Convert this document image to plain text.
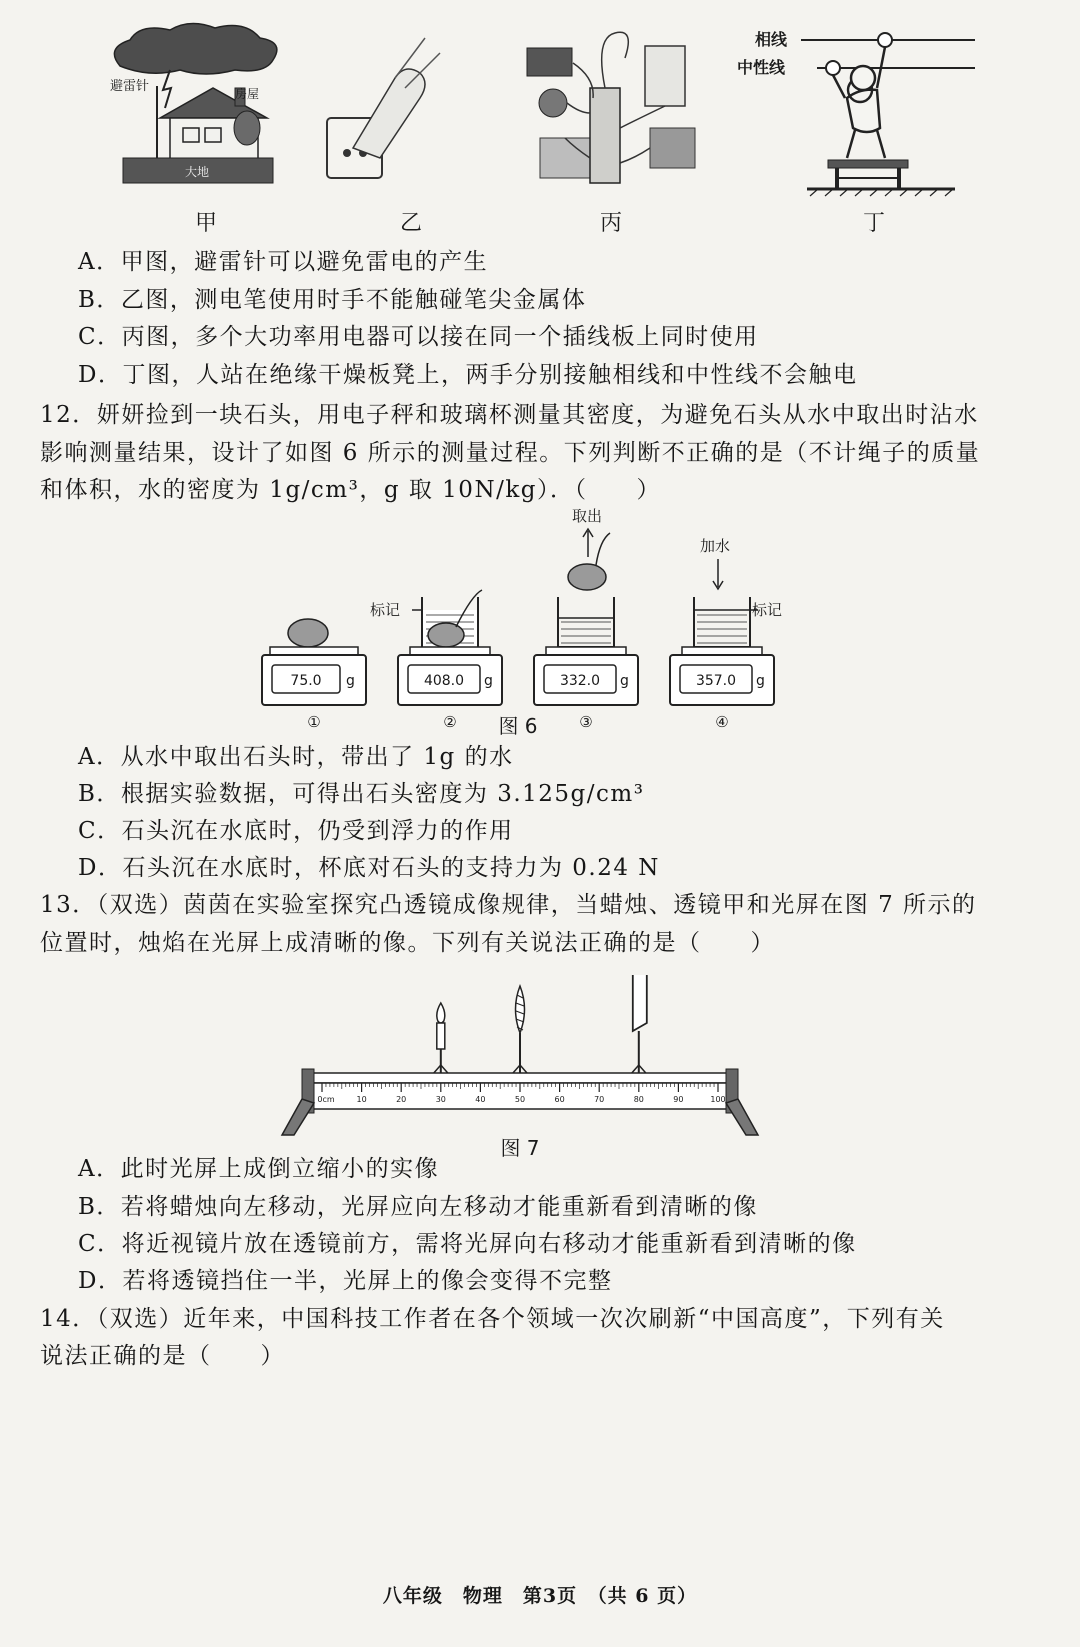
避雷针	房屋
大地
甲	乙	丙
相线
中性线
丁
A．甲图，避雷针可以避免雷电的产生
B．乙图，测电笔使用时手不能触碰笔尖金属体
C．丙图，多个大功率用电器可以接在同一个插线板上同时使用
D．丁图，人站在绝缘干燥板凳上，两手分别接触相线和中性线不会触电
12．妍妍捡到一块石头，用电子秤和玻璃杯测量其密度，为避免石头从水中取出时沾水
影响测量结果，设计了如图 6 所示的测量过程。下列判断不正确的是（不计绳子的质量
和体积，水的密度为 1g/cm³，g 取 10N/kg）．（　　）
75.0 g
①
标记
408.0 g
②
取出
332.0 g
③
加水
标记
357.0 g
④
图 6
A．从水中取出石头时，带出了 1g 的水
B．根据实验数据，可得出石头密度为 3.125g/cm³
C．石头沉在水底时，仍受到浮力的作用
D．石头沉在水底时，杯底对石头的支持力为 0.24 N
13．（双选）茵茵在实验室探究凸透镜成像规律，当蜡烛、透镜甲和光屏在图 7 所示的
位置时，烛焰在光屏上成清晰的像。下列有关说法正确的是（　　）
0cm	10	20	30	40	50	60	70	80	90	100
图 7
A．此时光屏上成倒立缩小的实像
B．若将蜡烛向左移动，光屏应向左移动才能重新看到清晰的像
C．将近视镜片放在透镜前方，需将光屏向右移动才能重新看到清晰的像
D．若将透镜挡住一半，光屏上的像会变得不完整
14．（双选）近年来，中国科技工作者在各个领域一次次刷新“中国高度”，下列有关
说法正确的是（　　）
八年级　物理　第3页　（共 6 页）
